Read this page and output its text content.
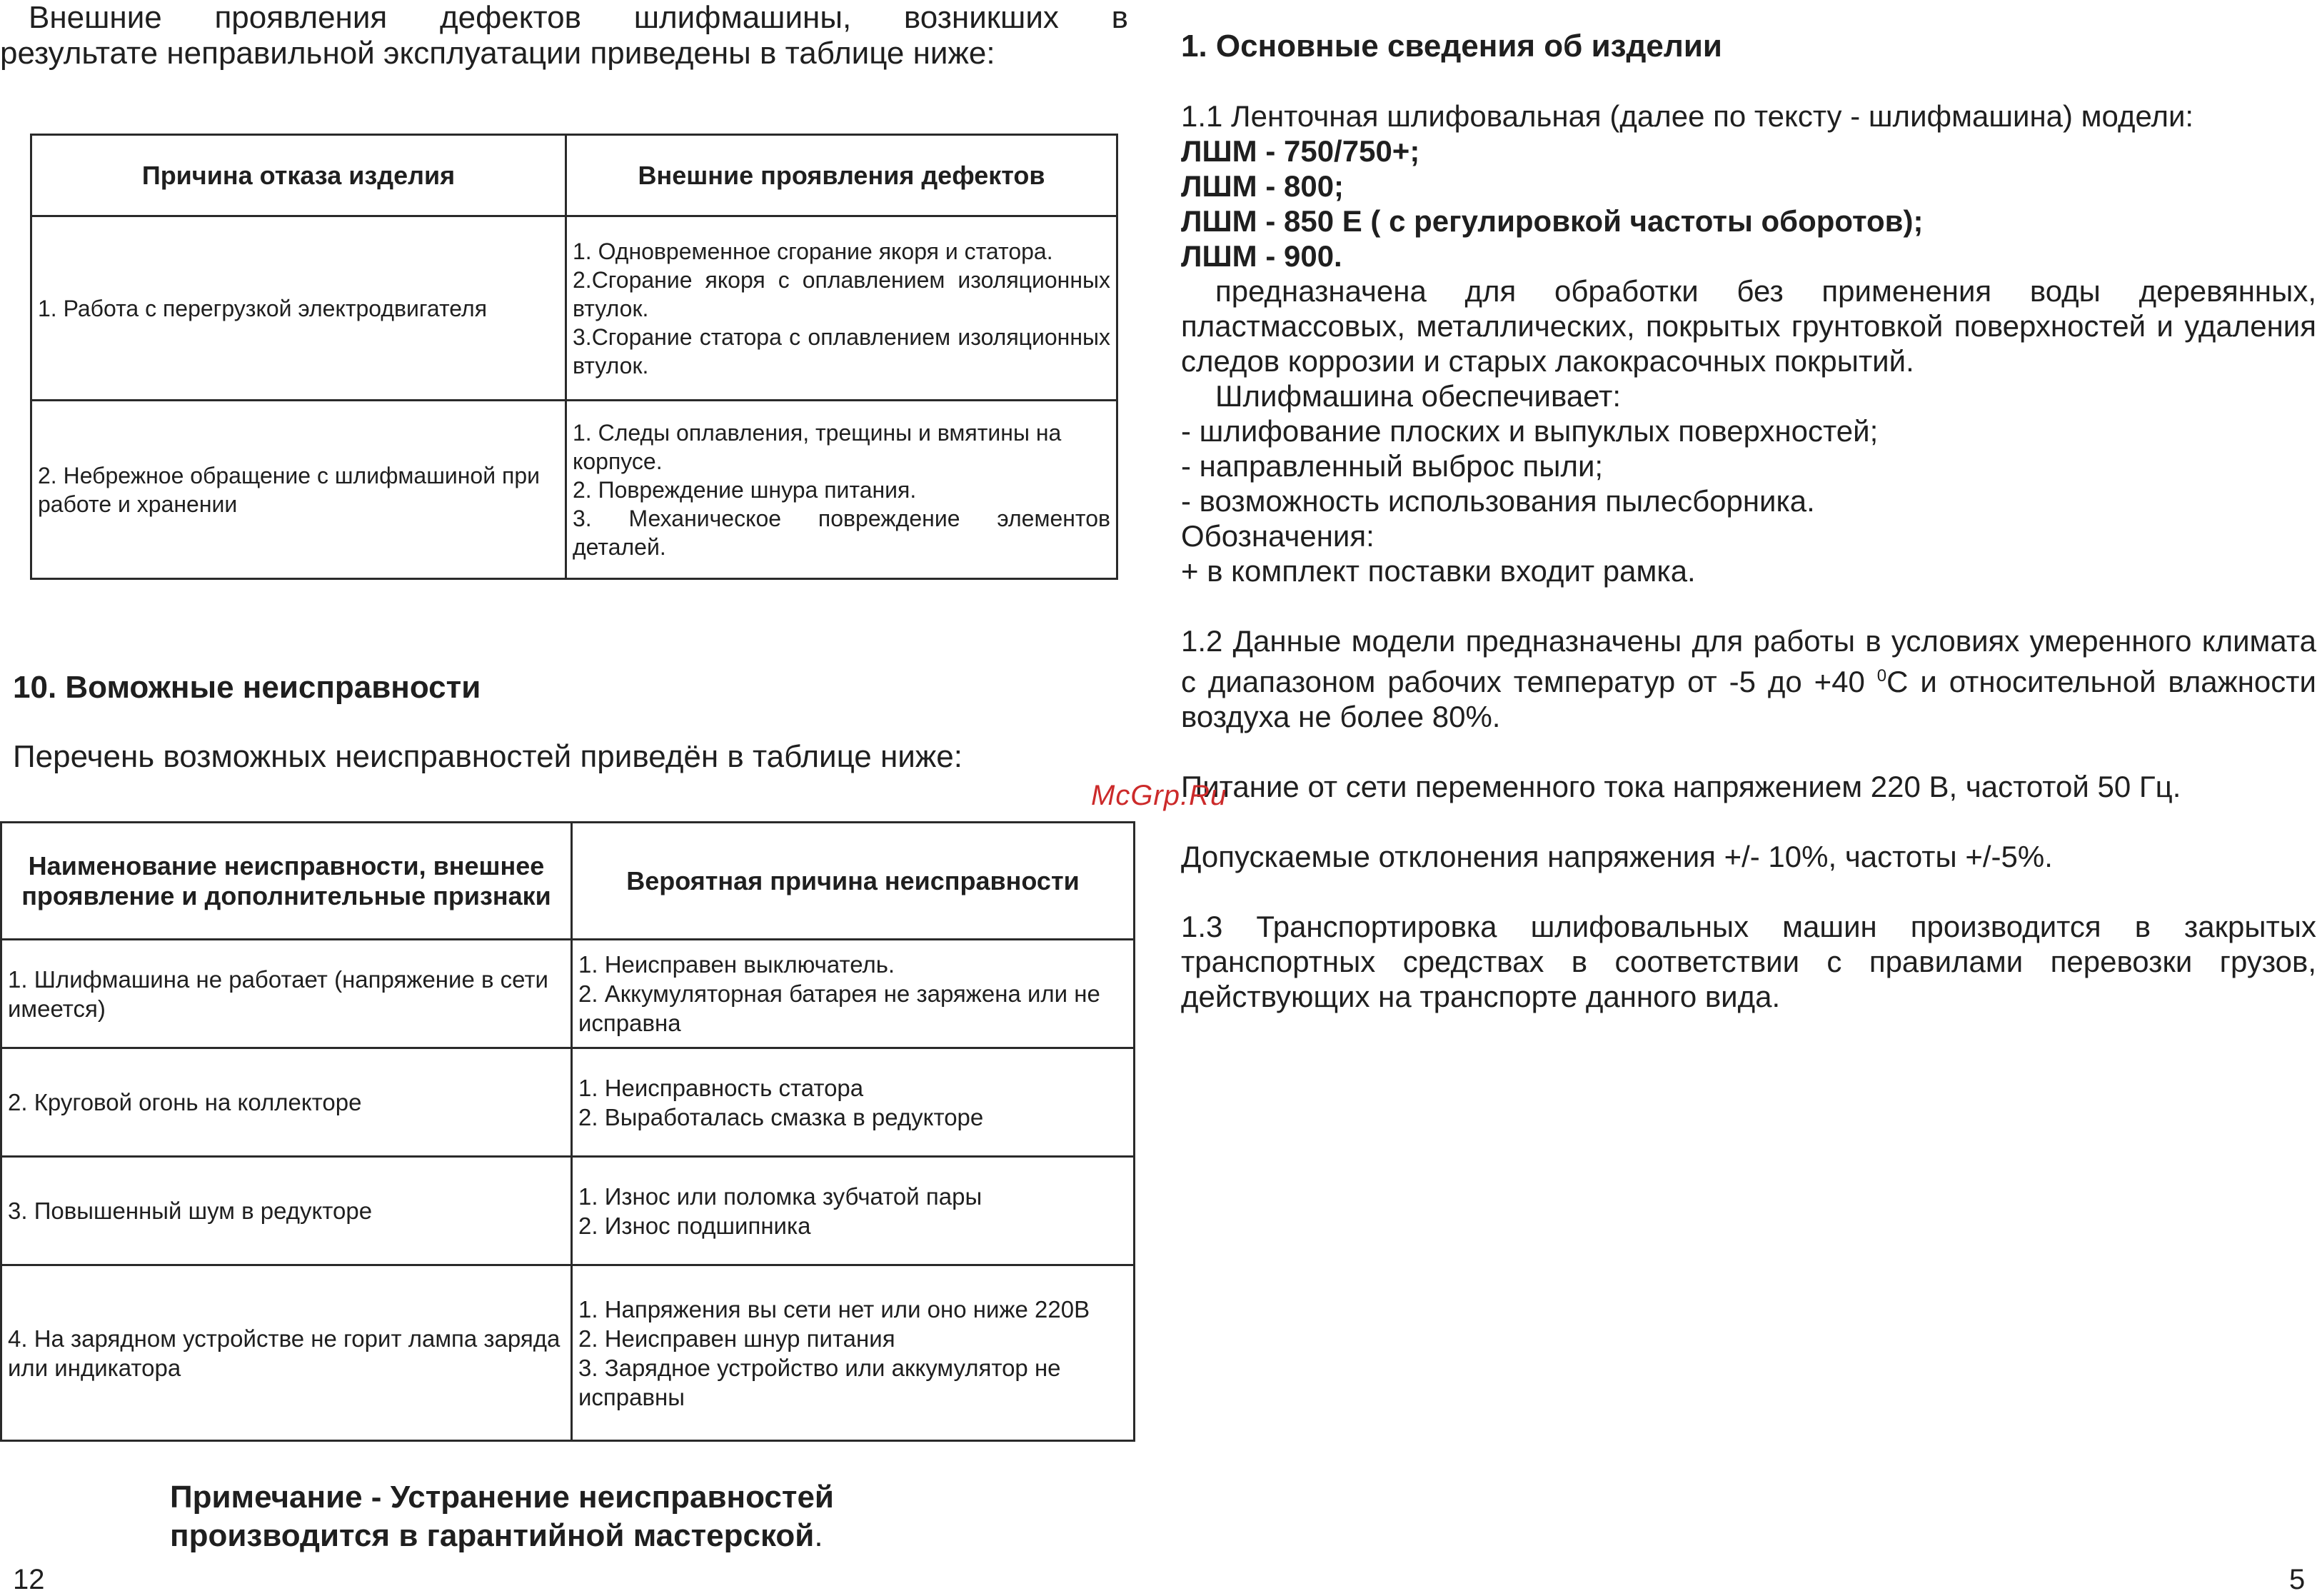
Внешние проявления дефектов шлифмашины, возникших в
результате неправильной эксплуатации приведены в таблице ниже:
Причина отказа изделия	Внешние проявления дефектов
1. Работа с перегрузкой электродвигателя	1. Одновременное сгорание якоря и статора.
2.Сгорание якоря с оплавлением изоляционных втулок.
3.Сгорание статора с оплавлением изоляционных втулок.

2. Небрежное обращение с шлифмашиной при работе и хранении	1. Следы оплавления, трещины и вмятины на корпусе.
2. Повреждение шнура питания.
3. Механическое повреждение элементов деталей.
10. Воможные неисправности
Перечень возможных неисправностей приведён в таблице ниже:
Наименование неисправности, внешнее проявление и дополнительные признаки	Вероятная причина неисправности
1. Шлифмашина не работает (напряжение в сети имеется)	1. Неисправен выключатель.
2. Аккумуляторная батарея не заряжена или не исправна

2. Круговой огонь на коллекторе	1. Неисправность статора
2. Выработалась смазка в редукторе

3. Повышенный шум в редукторе	1. Износ или поломка зубчатой пары
2. Износ подшипника

4. На зарядном устройстве не горит лампа заряда или индикатора	1. Напряжения вы сети нет или оно ниже 220В
2. Неисправен шнур питания
3. Зарядное устройство или аккумулятор не исправны
Примечание - Устранение неисправностей
производится в гарантийной мастерской.
12

1. Основные сведения об изделии

1.1 Ленточная шлифовальная (далее по тексту - шлифмашина) модели:

ЛШМ - 750/750+;

ЛШМ - 800;

ЛШМ - 850 Е ( с регулировкой частоты оборотов);

ЛШМ - 900.

предназначена для обработки без применения воды деревянных, пластмассовых, металлических, покрытых грунтовкой поверхностей и удаления следов коррозии и старых лакокрасочных покрытий.

Шлифмашина обеспечивает:

- шлифование плоских и выпуклых поверхностей;

- направленный выброс пыли;

- возможность использования пылесборника.

Обозначения:

+ в комплект поставки входит рамка.

1.2 Данные модели предназначены для работы в условиях умеренного климата с диапазоном рабочих температур от -5 до +40 $^0$С и относительной влажности воздуха не более 80%.

Питание от сети переменного тока напряжением 220 В, частотой 50 Гц.

Допускаемые отклонения напряжения +/- 10%, частоты +/-5%.

1.3 Транспортировка шлифовальных машин производится в закрытых транспортных средствах в соответствии с правилами перевозки грузов, действующих на транспорте данного вида.

McGrp.Ru
5
